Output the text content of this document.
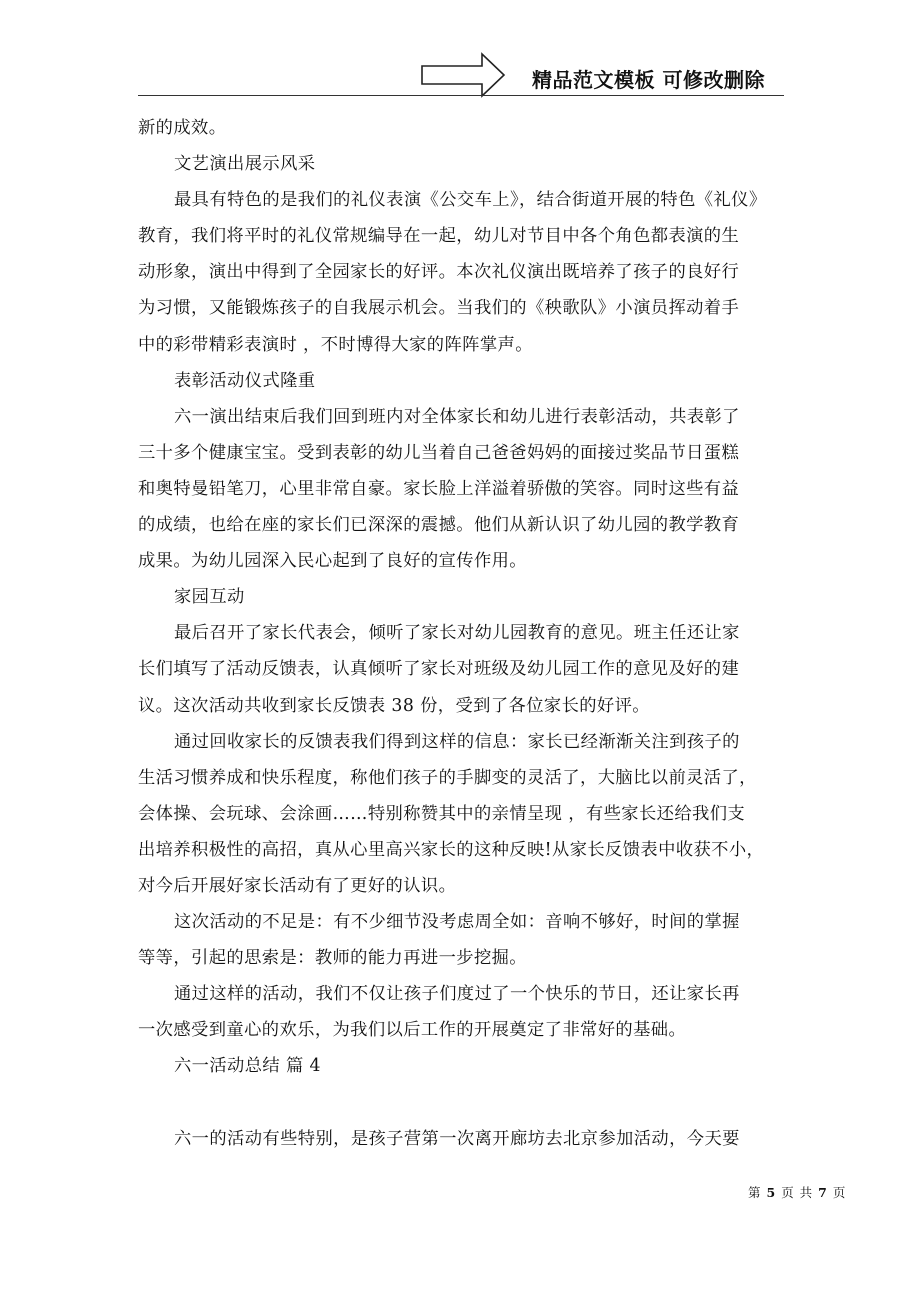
精品范文模板 可修改删除
新的成效。
文艺演出展示风采
最具有特色的是我们的礼仪表演《公交车上》，结合街道开展的特色《礼仪》
教育，我们将平时的礼仪常规编导在一起，幼儿对节目中各个角色都表演的生
动形象，演出中得到了全园家长的好评。本次礼仪演出既培养了孩子的良好行
为习惯，又能锻炼孩子的自我展示机会。当我们的《秧歌队》小演员挥动着手
中的彩带精彩表演时 ，不时博得大家的阵阵掌声。
表彰活动仪式隆重
六一演出结束后我们回到班内对全体家长和幼儿进行表彰活动，共表彰了
三十多个健康宝宝。受到表彰的幼儿当着自己爸爸妈妈的面接过奖品节日蛋糕
和奥特曼铅笔刀，心里非常自豪。家长脸上洋溢着骄傲的笑容。同时这些有益
的成绩，也给在座的家长们已深深的震撼。他们从新认识了幼儿园的教学教育
成果。为幼儿园深入民心起到了良好的宣传作用。
家园互动
最后召开了家长代表会，倾听了家长对幼儿园教育的意见。班主任还让家
长们填写了活动反馈表，认真倾听了家长对班级及幼儿园工作的意见及好的建
议。这次活动共收到家长反馈表 38 份，受到了各位家长的好评。
通过回收家长的反馈表我们得到这样的信息：家长已经渐渐关注到孩子的
生活习惯养成和快乐程度，称他们孩子的手脚变的灵活了，大脑比以前灵活了，
会体操、会玩球、会涂画……特别称赞其中的亲情呈现 ，有些家长还给我们支
出培养积极性的高招，真从心里高兴家长的这种反映!从家长反馈表中收获不小，
对今后开展好家长活动有了更好的认识。
这次活动的不足是：有不少细节没考虑周全如：音响不够好，时间的掌握
等等，引起的思索是：教师的能力再进一步挖掘。
通过这样的活动，我们不仅让孩子们度过了一个快乐的节日，还让家长再
一次感受到童心的欢乐，为我们以后工作的开展奠定了非常好的基础。
六一活动总结 篇 4
六一的活动有些特别，是孩子营第一次离开廊坊去北京参加活动，今天要
第 5 页 共 7 页
